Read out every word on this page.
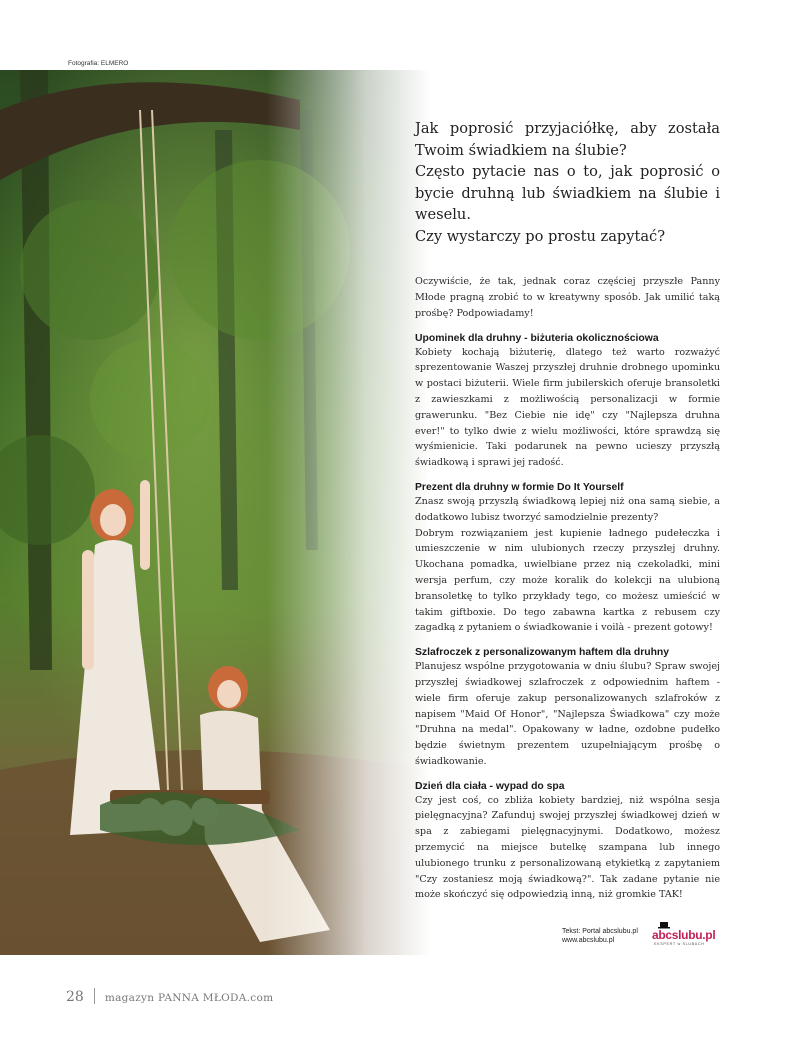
Fotografia: ELMERO

Jak poprosić przyjaciółkę, aby została Twoim świadkiem na ślubie?

Często pytacie nas o to, jak poprosić o bycie druhną lub świadkiem na ślubie i weselu.

Czy wystarczy po prostu zapytać?

Oczywiście, że tak, jednak coraz częściej przyszłe Panny Młode pragną zrobić to w kreatywny sposób. Jak umilić taką prośbę? Podpowiadamy!
Upominek dla druhny - biżuteria okolicznościowa

Kobiety kochają biżuterię, dlatego też warto rozważyć sprezentowanie Waszej przyszłej druhnie drobnego upominku w postaci biżuterii. Wiele firm jubilerskich oferuje bransoletki z zawieszkami z możliwością personalizacji w formie grawerunku. "Bez Ciebie nie idę" czy "Najlepsza druhna ever!" to tylko dwie z wielu możliwości, które sprawdzą się wyśmienicie. Taki podarunek na pewno ucieszy przyszłą świadkową i sprawi jej radość.

Prezent dla druhny w formie Do It Yourself

Znasz swoją przyszłą świadkową lepiej niż ona samą siebie, a dodatkowo lubisz tworzyć samodzielnie prezenty?

Dobrym rozwiązaniem jest kupienie ładnego pudełeczka i umieszczenie w nim ulubionych rzeczy przyszłej druhny. Ukochana pomadka, uwielbiane przez nią czekoladki, mini wersja perfum, czy może koralik do kolekcji na ulubioną bransoletkę to tylko przykłady tego, co możesz umieścić w takim giftboxie. Do tego zabawna kartka z rebusem czy zagadką z pytaniem o świadkowanie i voilà - prezent gotowy!

Szlafroczek z personalizowanym haftem dla druhny

Planujesz wspólne przygotowania w dniu ślubu? Spraw swojej przyszłej świadkowej szlafroczek z odpowiednim haftem - wiele firm oferuje zakup personalizowanych szlafroków z napisem "Maid Of Honor", "Najlepsza Świadkowa" czy może "Druhna na medal". Opakowany w ładne, ozdobne pudełko będzie świetnym prezentem uzupełniającym prośbę o świadkowanie.

Dzień dla ciała - wypad do spa

Czy jest coś, co zbliża kobiety bardziej, niż wspólna sesja pielęgnacyjna? Zafunduj swojej przyszłej świadkowej dzień w spa z zabiegami pielęgnacyjnymi. Dodatkowo, możesz przemycić na miejsce butelkę szampana lub innego ulubionego trunku z personalizowaną etykietką z zapytaniem "Czy zostaniesz moją świadkową?". Tak zadane pytanie nie może skończyć się odpowiedzią inną, niż gromkie TAK!

Tekst: Portal abcslubu.pl
www.abcslubu.pl	abcslubu.pl
EKSPERT w ŚLUBACH
28 magazyn PANNA MŁODA.com
